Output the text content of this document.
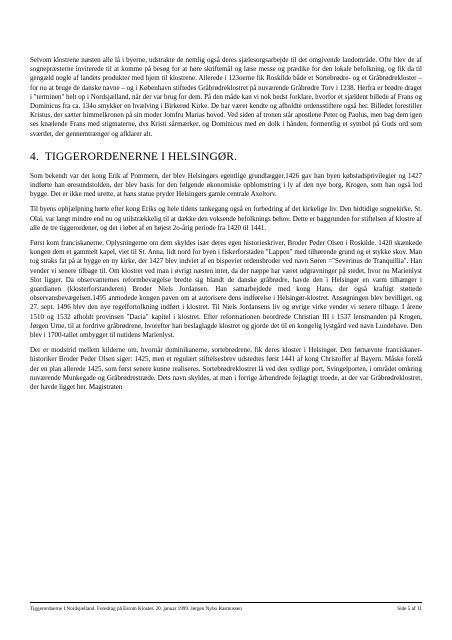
Selvom klostrene næsten alle lå i byerne, udstrakte de nemlig også deres sjælesorgsarbejde til det omgivende landområde. Ofte blev de af sognepræsterne inviterede til at komme på besøg for at høre skriftemål og læse messe og prædike for den lokale befolkning, og fik da til gengæld nogle af landets produkter med hjem til klostrene. Allerede i 123oerne fik Roskilde både et Sortebrødre- og et Gråbrødrekloster – for nu at bruge de danske navne – og i København stiftedes Gråbrødreklostret på nuværende Gråbrødre Torv i 1238. Herfra er brødre draget i "terminen" helt op i Nordsjælland, når der var brug for dem. På den måde kan vi nok bedst forklare, hvorfor et sjældent billede af Frans og Dominicus fra ca. 134o smykker en hvælving i Birkerød Kirke. De har været kendte og afholdte ordensstiftere også her. Billedet forestiller Kristus, der sætter himmelkronen på sin moder Jomfru Marias hoved. Ved siden af tronen står apostlene Peter og Paulus, men bag dem igen ses knælende Frans med stigmaterne, dvs Kristi sårmærker, og Dominicus med en dolk i hånden, formentlig et symbol på Guds ord som sværdet, der gennemtrænger og afklarer alt.

4. TIGGERORDENERNE I HELSINGØR.

Som bekendt var det kong Erik af Pommern, der blev Helsingørs egentlige grundlægger.1426 gav han byen købstadsprivilegier og 1427 indførte han øresundstolden, der blev basis for den følgende økonomiske opblomstring i ly af den nye borg, Krogen, som han også lod bygge. Det er ikke med urette, at hans statue pryder Helsingørs gamle centrale Axeltorv.

Til byens ophjælpning hørte efter kong Eriks og hele tidens tankegang også en forbedring af det kirkelige liv. Den hidtidige sognekirke, St. Olai, var langt mindre end nu og utilstrækkelig til at dække den voksende befolknings behov. Dette er baggrunden for stiftelsen af klostre af alle de tre tiggerordener, og det i løbet af en højest 2o-årig periode fra 1420 til 1441.

Først kom franciskanerne. Oplysningerne om dem skyldes især deres egen historieskriver, Broder Peder Olsen i Roskilde. 1420 skænkede kongen dem et gammelt kapel, viet til St. Anna, lidt nord for byen i fiskerforstaden "Lappen" med tilhørende grund og et stykke skov. Man tog straks fat på at bygge en ny kirke, der 1427 blev indviet af en bispeviet ordensbroder ved navn Søren ="Severinus de Tranquillia". Han vender vi senere tilbage til. Om klostret ved man i øvrigt næsten intet, da der næppe har været udgravninger på stedet, hvor nu Marienlyst Slot ligger. Da observanternes reformbevægelse bredte sig blandt de danske gråbrødre, havde den i Helsingør en varm tilhænger i guardianen (klosterforstanderen) Broder Niels Jordansen. Han samarbejdede med kong Hans, der også kraftigt støttede observansbevægelsen.1495 anmodede kongen paven om at autorisere dens indførelse i Helsingør-klostret. Ansøgningen blev bevilliget, og 27. sept. 1496 blev den nye regelfortolkning indført i klostret. Til Niels Jordansens liv og øvrige virke vender vi senere tilbage. I årene 1510 og 1532 afholdt provinsen "Dacia" kapitel i klostret. Efter reformationen beordrede Christian III i 1537 lensmanden på Krogen, Jørgen Urne, til at fordrive gråbrødrene, hvorefter han beslaglagde klostret og gjorde det til en kongelig lystgård ved navn Lundehave. Den blev i 1700-tallet ombygget til nutidens Marienlyst.

Der er modstrid mellem kilderne om, hvornår dominikanerne, sortebrødrene, fik deres kloster i Helsingør. Den førnævnte franciskaner-historiker Broder Peder Olsen siger: 1425, men et regulært stiftelsesbrev udstedtes først 1441 af kong Christoffer af Bayern. Måske forelå der en plan allerede 1425, som først senere kunne realiseres. Sortebrødreklostret lå ved den sydlige port, Svingelporten, i området omkring nuværende Munkegade og Gråbrødrestræde. Dets navn skyldes, at man i forrige århundrede fejlagtigt troede, at der var Gråbrødreklostret, der havde ligget her. Magistraten

Tiggerordnerne I Nordsjælland. Foredrag på Esrom Kloster. 20. januar 1999. Jørgen Nybo Rasmussen	Side 5 af 11
